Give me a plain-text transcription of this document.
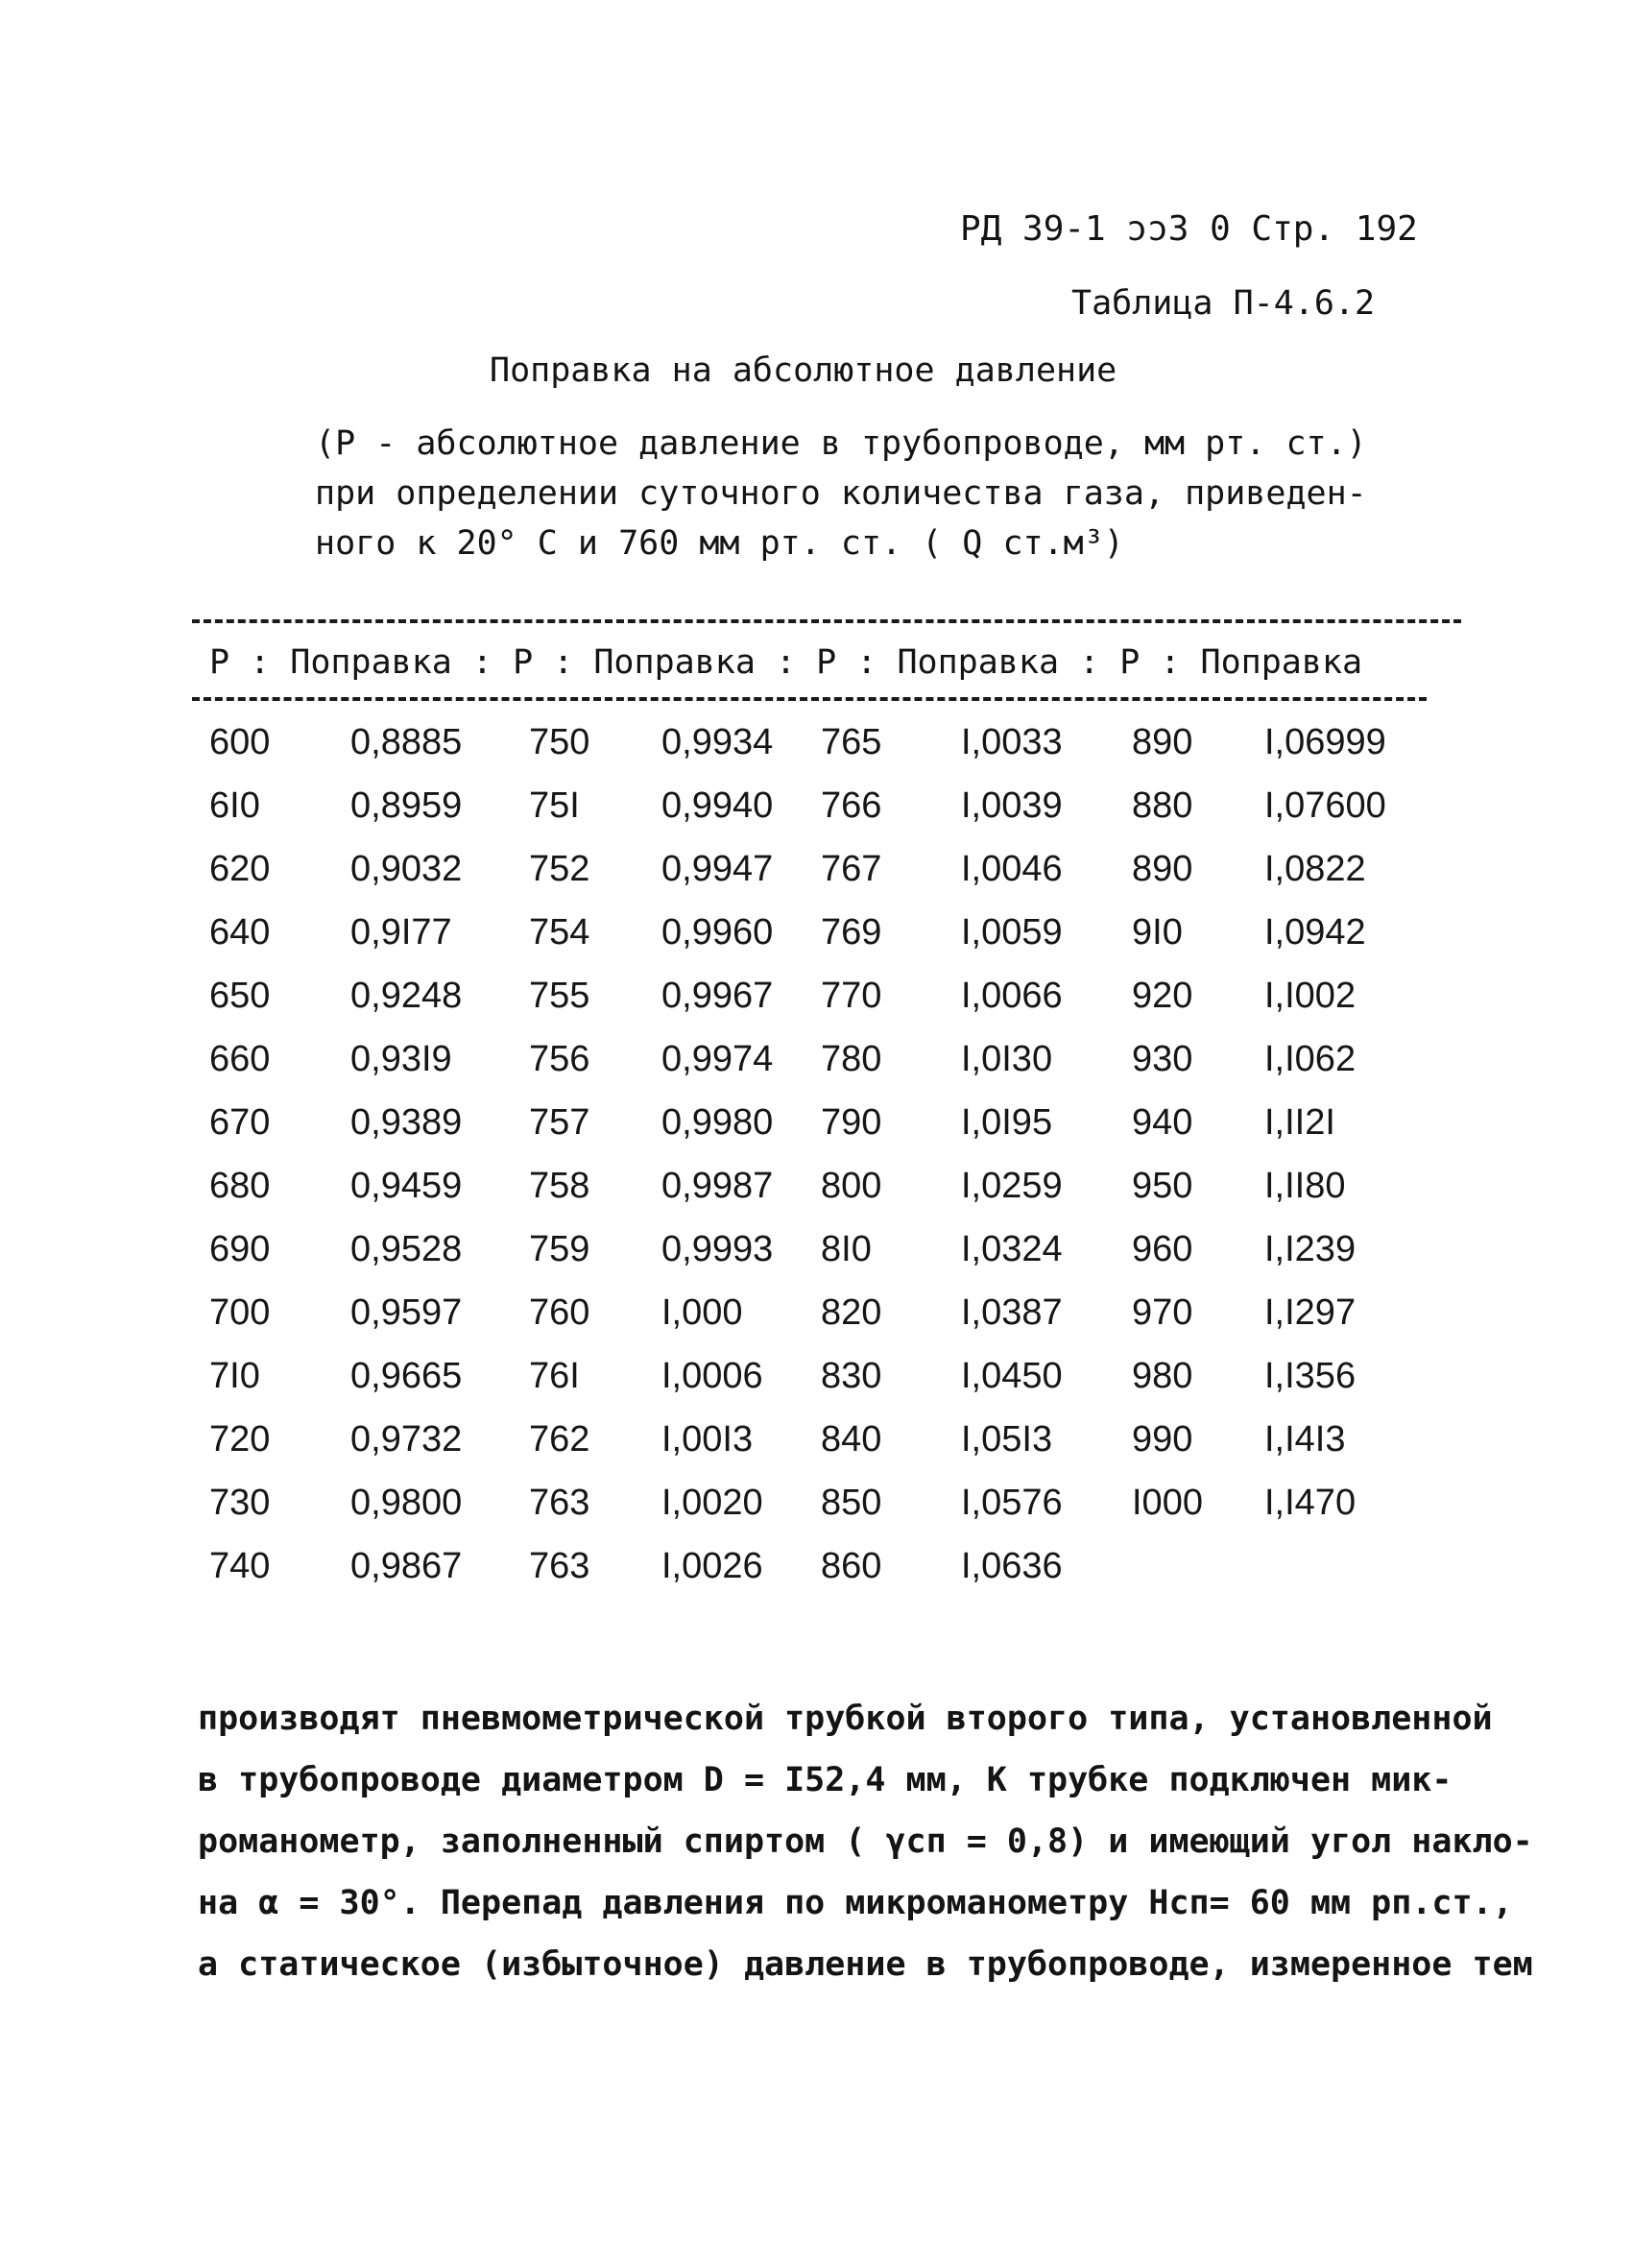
РД 39-1 ɔɔ3 0 Стр. 192
Таблица П-4.6.2
Поправка на абсолютное давление
(Р - абсолютное давление в трубопроводе, мм рт. ст.)
при определении суточного количества газа, приведен-
ного к 20° С и 760 мм рт. ст. ( Q ст.м³)
Р : Поправка : Р : Поправка : Р : Поправка : Р : Поправка
600	0,8885	750	0,9934	765	I,0033	890	I,06999
6I0	0,8959	75I	0,9940	766	I,0039	880	I,07600
620	0,9032	752	0,9947	767	I,0046	890	I,0822
640	0,9I77	754	0,9960	769	I,0059	9I0	I,0942
650	0,9248	755	0,9967	770	I,0066	920	I,I002
660	0,93I9	756	0,9974	780	I,0I30	930	I,I062
670	0,9389	757	0,9980	790	I,0I95	940	I,II2I
680	0,9459	758	0,9987	800	I,0259	950	I,II80
690	0,9528	759	0,9993	8I0	I,0324	960	I,I239
700	0,9597	760	I,000	820	I,0387	970	I,I297
7I0	0,9665	76I	I,0006	830	I,0450	980	I,I356
720	0,9732	762	I,00I3	840	I,05I3	990	I,I4I3
730	0,9800	763	I,0020	850	I,0576	I000	I,I470
740	0,9867	763	I,0026	860	I,0636		
производят пневмометрической трубкой второго типа, установленной
в трубопроводе диаметром D = I52,4 мм, К трубке подключен мик-
романометр, заполненный спиртом ( γсп = 0,8) и имеющий угол накло-
на α = 30°. Перепад давления по микроманометру Hсп= 60 мм рп.ст.,
а статическое (избыточное) давление в трубопроводе, измеренное тем
